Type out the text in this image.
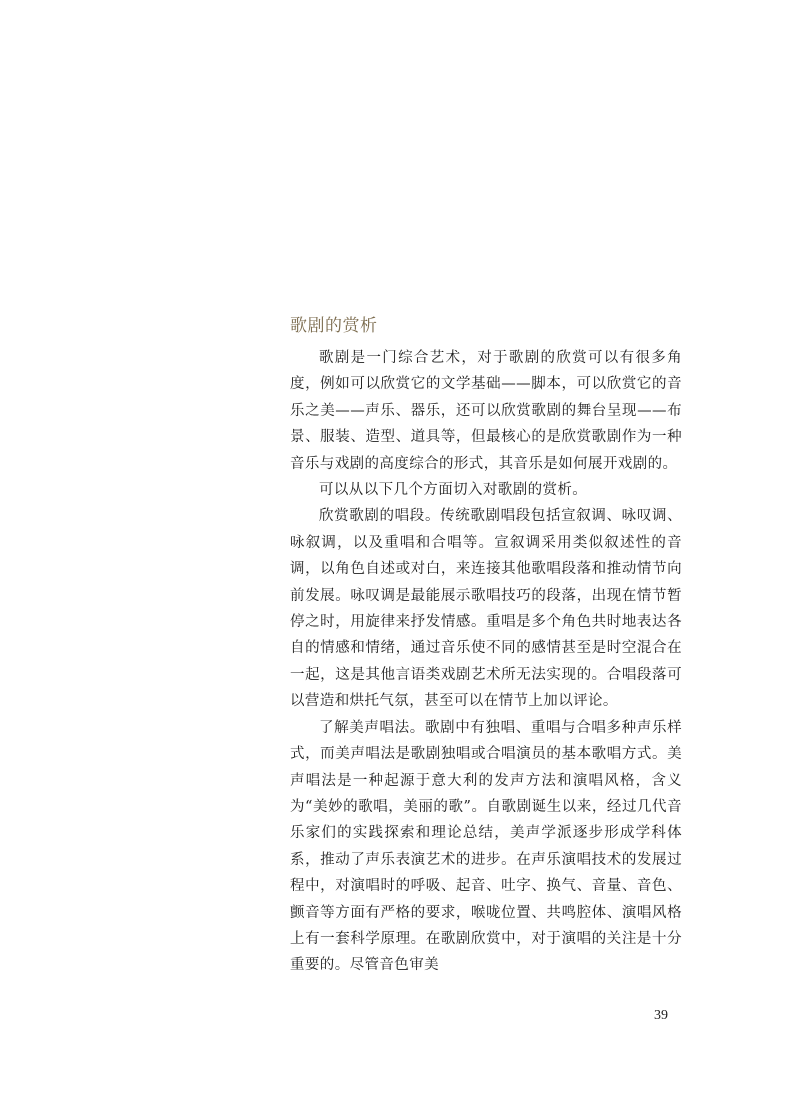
歌剧的赏析

歌剧是一门综合艺术，对于歌剧的欣赏可以有很多角度，例如可以欣赏它的文学基础——脚本，可以欣赏它的音乐之美——声乐、器乐，还可以欣赏歌剧的舞台呈现——布景、服装、造型、道具等，但最核心的是欣赏歌剧作为一种音乐与戏剧的高度综合的形式，其音乐是如何展开戏剧的。

可以从以下几个方面切入对歌剧的赏析。

欣赏歌剧的唱段。传统歌剧唱段包括宣叙调、咏叹调、咏叙调，以及重唱和合唱等。宣叙调采用类似叙述性的音调，以角色自述或对白，来连接其他歌唱段落和推动情节向前发展。咏叹调是最能展示歌唱技巧的段落，出现在情节暂停之时，用旋律来抒发情感。重唱是多个角色共时地表达各自的情感和情绪，通过音乐使不同的感情甚至是时空混合在一起，这是其他言语类戏剧艺术所无法实现的。合唱段落可以营造和烘托气氛，甚至可以在情节上加以评论。

了解美声唱法。歌剧中有独唱、重唱与合唱多种声乐样式，而美声唱法是歌剧独唱或合唱演员的基本歌唱方式。美声唱法是一种起源于意大利的发声方法和演唱风格，含义为“美妙的歌唱，美丽的歌”。自歌剧诞生以来，经过几代音乐家们的实践探索和理论总结，美声学派逐步形成学科体系，推动了声乐表演艺术的进步。在声乐演唱技术的发展过程中，对演唱时的呼吸、起音、吐字、换气、音量、音色、颤音等方面有严格的要求，喉咙位置、共鸣腔体、演唱风格上有一套科学原理。在歌剧欣赏中，对于演唱的关注是十分重要的。尽管音色审美

39
